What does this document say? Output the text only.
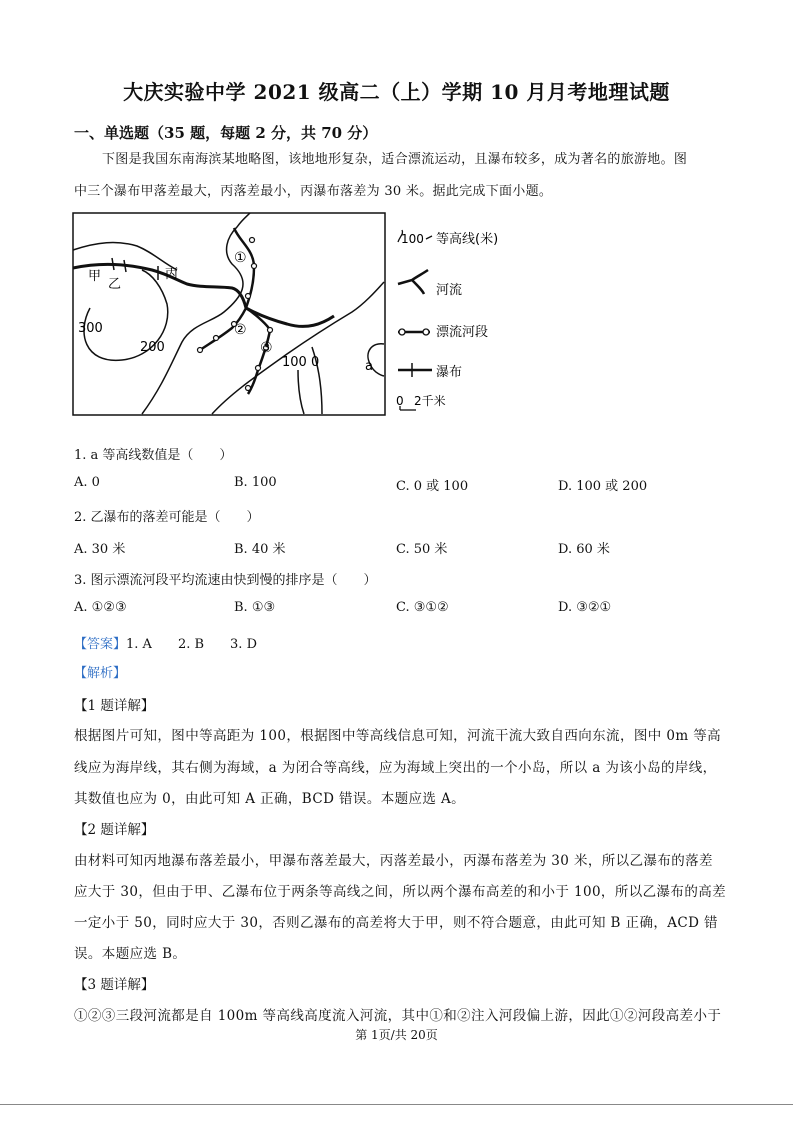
大庆实验中学 2021 级高二（上）学期 10 月月考地理试题
一、单选题（35 题，每题 2 分，共 70 分）
下图是我国东南海滨某地略图，该地地形复杂，适合漂流运动，且瀑布较多，成为著名的旅游地。图
中三个瀑布甲落差最大，丙落差最小，丙瀑布落差为 30 米。据此完成下面小题。
甲
乙
丙
300
200
100 0	a
①
②
③
100 等高线(米)
河流
漂流河段
瀑布
0 2千米
1. a 等高线数值是（　　）
A. 0	B. 100	C. 0 或 100	D. 100 或 200
2. 乙瀑布的落差可能是（　　）
A. 30 米	B. 40 米	C. 50 米	D. 60 米
3. 图示漂流河段平均流速由快到慢的排序是（　　）
A. ①②③	B. ①③	C. ③①②	D. ③②①
【答案】1. A　　2. B　　3. D
【解析】
【1 题详解】
根据图片可知，图中等高距为 100，根据图中等高线信息可知，河流干流大致自西向东流，图中 0m 等高
线应为海岸线，其右侧为海域，a 为闭合等高线，应为海域上突出的一个小岛，所以 a 为该小岛的岸线，
其数值也应为 0，由此可知 A 正确，BCD 错误。本题应选 A。
【2 题详解】
由材料可知丙地瀑布落差最小，甲瀑布落差最大，丙落差最小，丙瀑布落差为 30 米，所以乙瀑布的落差
应大于 30，但由于甲、乙瀑布位于两条等高线之间，所以两个瀑布高差的和小于 100，所以乙瀑布的高差
一定小于 50，同时应大于 30，否则乙瀑布的高差将大于甲，则不符合题意，由此可知 B 正确，ACD 错
误。本题应选 B。
【3 题详解】
①②③三段河流都是自 100m 等高线高度流入河流，其中①和②注入河段偏上游，因此①②河段高差小于
第 1页/共 20页
